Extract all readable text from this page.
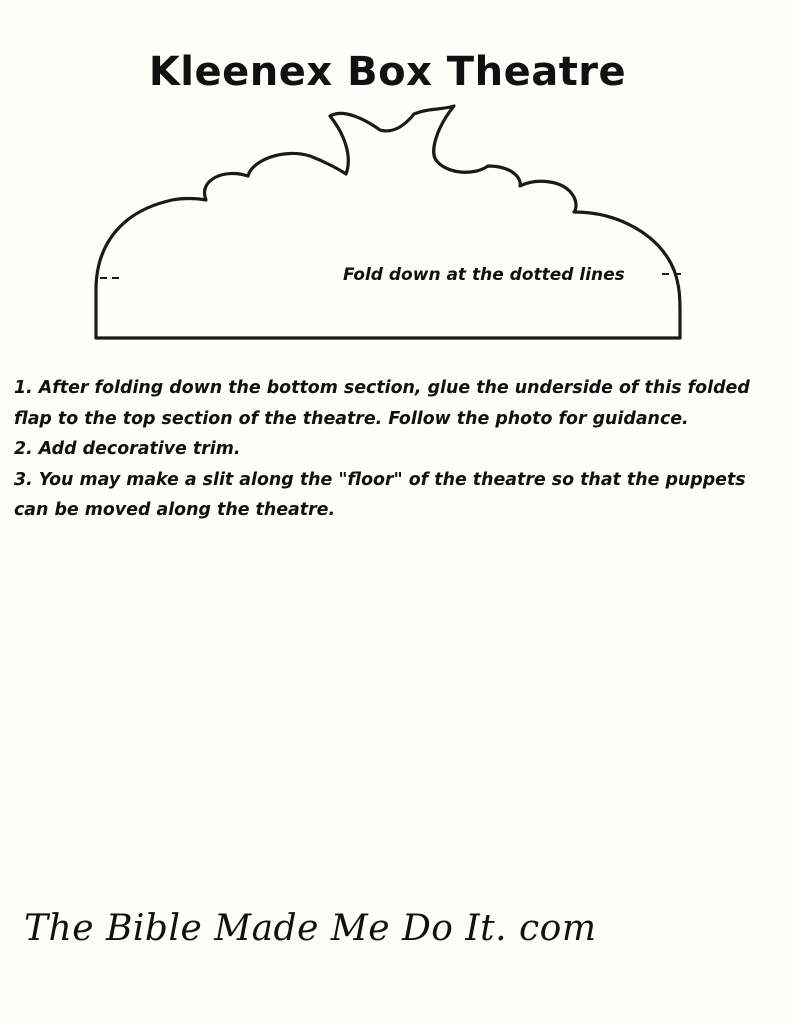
Kleenex Box Theatre
Fold down at the dotted lines
1. After folding down the bottom section, glue the underside of this folded flap to the top section of the theatre. Follow the photo for guidance.
2. Add decorative trim.
3. You may make a slit along the "floor" of the theatre so that the puppets can be moved along the theatre.
The Bible Made Me Do It. com
